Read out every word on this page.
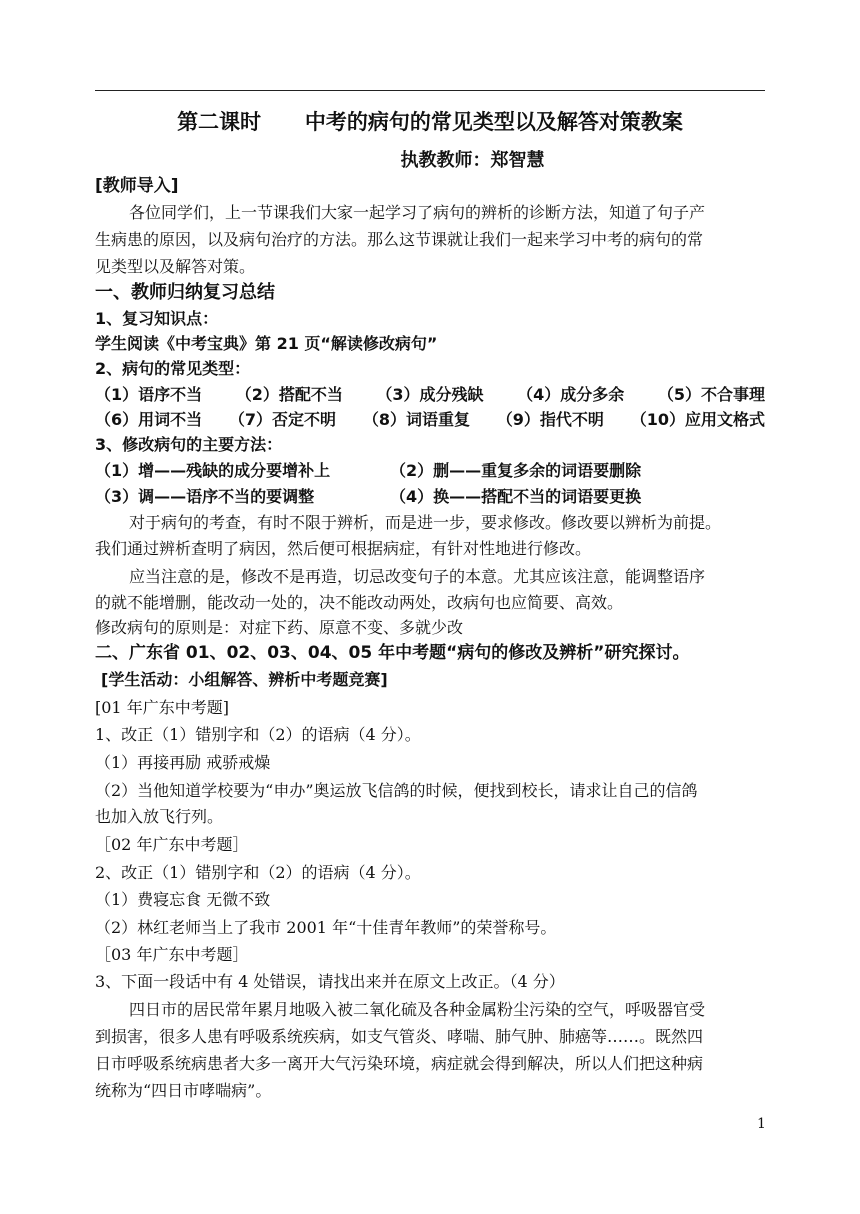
第二课时      中考的病句的常见类型以及解答对策教案
执教教师：郑智慧
[教师导入]
各位同学们，上一节课我们大家一起学习了病句的辨析的诊断方法，知道了句子产
生病患的原因，以及病句治疗的方法。那么这节课就让我们一起来学习中考的病句的常
见类型以及解答对策。
一、教师归纳复习总结
1、复习知识点：
学生阅读《中考宝典》第 21 页“解读修改病句”
2、病句的常见类型：
（1）语序不当 （2）搭配不当 （3）成分残缺 （4）成分多余 （5）不合事理
（6）用词不当 （7）否定不明 （8）词语重复 （9）指代不明 （10）应用文格式
3、修改病句的主要方法：
（1）增——残缺的成分要增补上	（2）删——重复多余的词语要删除
（3）调——语序不当的要调整	（4）换——搭配不当的词语要更换
对于病句的考查，有时不限于辨析，而是进一步，要求修改。修改要以辨析为前提。
我们通过辨析查明了病因，然后便可根据病症，有针对性地进行修改。
应当注意的是，修改不是再造，切忌改变句子的本意。尤其应该注意，能调整语序
的就不能增删，能改动一处的，决不能改动两处，改病句也应简要、高效。
修改病句的原则是：对症下药、原意不变、多就少改
二、广东省 01、02、03、04、05 年中考题“病句的修改及辨析”研究探讨。
[学生活动：小组解答、辨析中考题竞赛]
[01 年广东中考题]
1、改正（1）错别字和（2）的语病（4 分）。
（1）再接再励 戒骄戒燥
（2）当他知道学校要为“申办”奥运放飞信鸽的时候，便找到校长，请求让自己的信鸽
也加入放飞行列。
［02 年广东中考题］
2、改正（1）错别字和（2）的语病（4 分）。
（1）费寝忘食 无微不致
（2）林红老师当上了我市 2001 年“十佳青年教师”的荣誉称号。
［03 年广东中考题］
3、下面一段话中有 4 处错误，请找出来并在原文上改正。（4 分）
四日市的居民常年累月地吸入被二氧化硫及各种金属粉尘污染的空气，呼吸器官受
到损害，很多人患有呼吸系统疾病，如支气管炎、哮喘、肺气肿、肺癌等……。既然四
日市呼吸系统病患者大多一离开大气污染环境，病症就会得到解决，所以人们把这种病
统称为“四日市哮喘病”。
1
